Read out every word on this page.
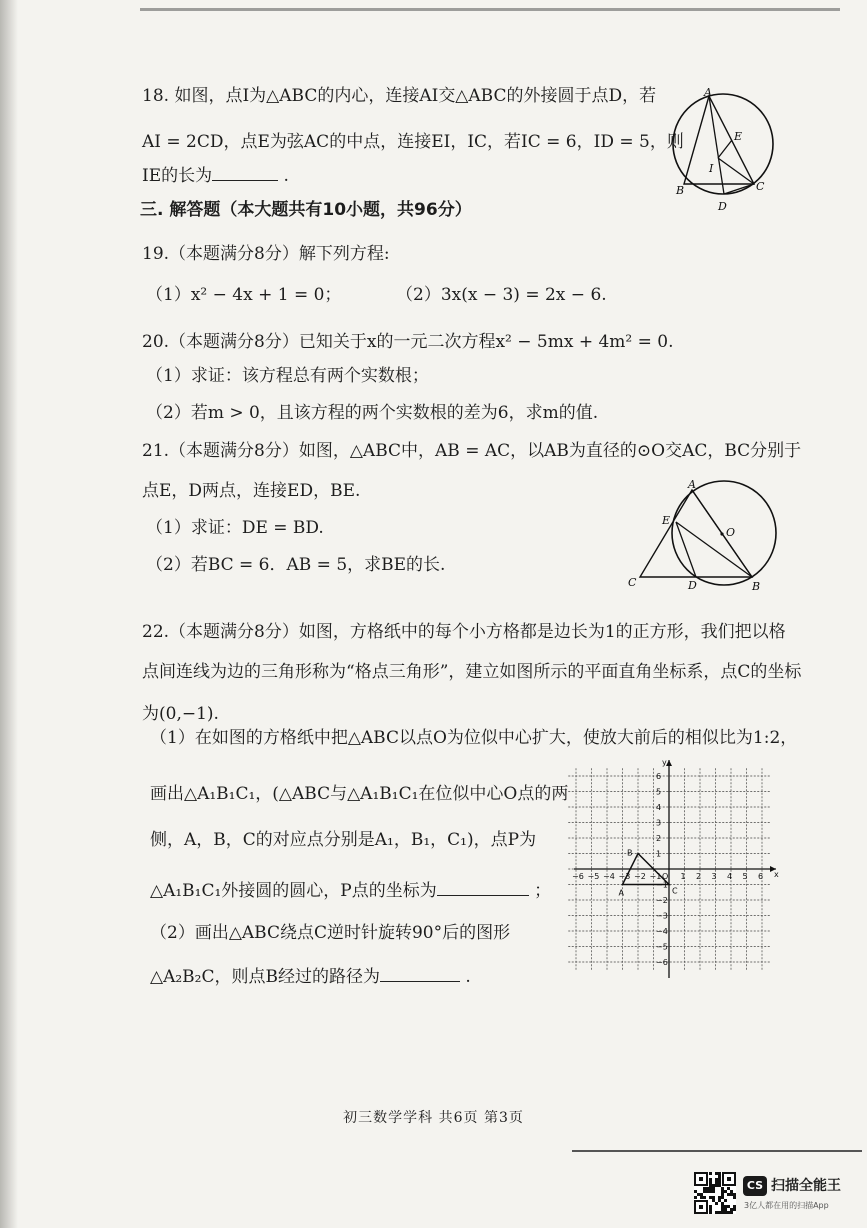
18. 如图，点I为△ABC的内心，连接AI交△ABC的外接圆于点D，若
AI = 2CD，点E为弦AC的中点，连接EI，IC，若IC = 6，ID = 5，则
IE的长为	.
A
B	C
D
E
I
三. 解答题（本大题共有10小题，共96分）
19.（本题满分8分）解下列方程:
（1）x² − 4x + 1 = 0；	（2）3x(x − 3) = 2x − 6.
20.（本题满分8分）已知关于x的一元二次方程x² − 5mx + 4m² = 0.
（1）求证：该方程总有两个实数根；
（2）若m > 0，且该方程的两个实数根的差为6，求m的值.
21.（本题满分8分）如图，△ABC中，AB = AC，以AB为直径的⊙O交AC，BC分别于
点E，D两点，连接ED，BE.
（1）求证：DE = BD.
（2）若BC = 6．AB = 5，求BE的长.
A
B
C	D
E
O
22.（本题满分8分）如图，方格纸中的每个小方格都是边长为1的正方形，我们把以格
点间连线为边的三角形称为“格点三角形”，建立如图所示的平面直角坐标系，点C的坐标
为(0,−1).
（1）在如图的方格纸中把△ABC以点O为位似中心扩大，使放大前后的相似比为1:2，
画出△A₁B₁C₁，(△ABC与△A₁B₁C₁在位似中心O点的两
侧，A，B，C的对应点分别是A₁，B₁，C₁)，点P为
△A₁B₁C₁外接圆的圆心，P点的坐标为	；
（2）画出△ABC绕点C逆时针旋转90°后的图形
△A₂B₂C，则点B经过的路径为	.
−6 −5 −4 −3 −2 −1 1 2 3 4 5 6
6
5
4
3
2
1
−1
−2
−3
−4
−5
−6
x
y
O
A
B
C
初三数学学科 共6页 第3页
CS 扫描全能王
3亿人都在用的扫描App
